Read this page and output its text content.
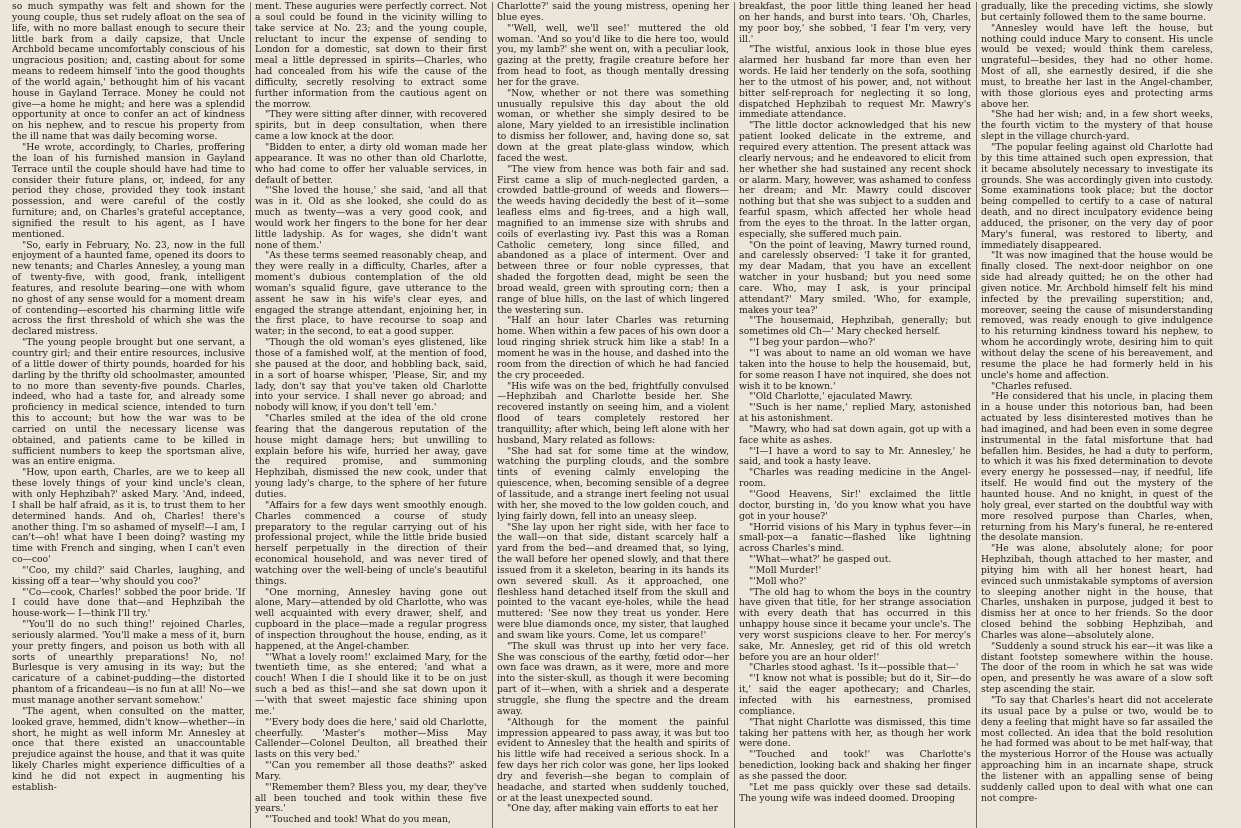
so much sympathy was felt and shown for the young couple, thus set rudely afloat on the sea of life, with no more ballast enough to secure their little bark from a daily capsize, that Uncle Archbold became uncomfortably conscious of his ungracious position; and, casting about for some means to redeem himself 'into the good thoughts of the world again,' bethought him of his vacant house in Gayland Terrace. Money he could not give—a home he might; and here was a splendid opportunity at once to confer an act of kindness on his nephew, and to rescue his property from the ill name that was daily becoming worse.

"He wrote, accordingly, to Charles, proffering the loan of his furnished mansion in Gayland Terrace until the couple should have had time to consider their future plans, or, indeed, for any period they chose, provided they took instant possession, and were careful of the costly furniture; and, on Charles's grateful acceptance, signified the result to his agent, as I have mentioned.

"So, early in February, No. 23, now in the full enjoyment of a haunted fame, opened its doors to new tenants; and Charles Annesley, a young man of twenty-five, with good, frank, intelligent features, and resolute bearing—one with whom no ghost of any sense would for a moment dream of contending—escorted his charming little wife across the first threshold of which she was the declared mistress.

"The young people brought but one servant, a country girl; and their entire resources, inclusive of a little dower of thirty pounds, hoarded for his darling by the thrifty old schoolmaster, amounted to no more than seventy-five pounds. Charles, indeed, who had a taste for, and already some proficiency in medical science, intended to turn this to account; but how the war was to be carried on until the necessary license was obtained, and patients came to be killed in sufficient numbers to keep the sportsman alive, was an entire enigma.

"How, upon earth, Charles, are we to keep all these lovely things of your kind uncle's clean, with only Hephzibah?' asked Mary. 'And, indeed, I shall be half afraid, as it is, to trust them to her determined hands. And oh, Charles! there's another thing. I'm so ashamed of myself!—I am, I can't—oh! what have I been doing? wasting my time with French and singing, when I can't even co—coo'

"'Coo, my child?' said Charles, laughing, and kissing off a tear—'why should you coo?'

"'Co—cook, Charles!' sobbed the poor bride. 'If I could have done that—and Hephzibah the house-work— I—think I'll try.'

"'You'll do no such thing!' rejoined Charles, seriously alarmed. 'You'll make a mess of it, burn your pretty fingers, and poison us both with all sorts of unearthly preparations! No, no! Burlesque is very amusing in its way; but the caricature of a cabinet-pudding—the distorted phantom of a fricandeau—is no fun at all! No—we must manage another servant somehow.'

"The agent, when consulted on the matter, looked grave, hemmed, didn't know—whether—in short, he might as well inform Mr. Annesley at once that there existed an unaccountable prejudice against the house, and that it was quite likely Charles might experience difficulties of a kind he did not expect in augmenting his establish-

ment. These auguries were perfectly correct. Not a soul could be found in the vicinity willing to take service at No. 23; and the young couple, reluctant to incur the expense of sending to London for a domestic, sat down to their first meal a little depressed in spirits—Charles, who had concealed from his wife the cause of the difficulty, secretly resolving to extract some further information from the cautious agent on the morrow.

"They were sitting after dinner, with recovered spirits, but in deep consultation, when there came a low knock at the door.

"Bidden to enter, a dirty old woman made her appearance. It was no other than old Charlotte, who had come to offer her valuable services, in default of better.

"'She loved the house,' she said, 'and all that was in it. Old as she looked, she could do as much as twenty—was a very good cook, and would work her fingers to the bone for her dear little ladyship. As for wages, she didn't want none of them.'

"As these terms seemed reasonably cheap, and they were really in a difficulty, Charles, after a moment's dubious contemplation of the old woman's squalid figure, gave utterance to the assent he saw in his wife's clear eyes, and engaged the strange attendant, enjoining her, in the first place, to have recourse to soap and water; in the second, to eat a good supper.

"Though the old woman's eyes glistened, like those of a famished wolf, at the mention of food, she paused at the door, and hobbling back, said, in a sort of hoarse whisper, 'Please, Sir, and my lady, don't say that you've taken old Charlotte into your service. I shall never go abroad; and nobody will know, if you don't tell 'em.'

"Charles smiled at the idea of the old crone fearing that the dangerous reputation of the house might damage hers; but unwilling to explain before his wife, hurried her away, gave the required promise, and summoning Hephzibah, dismissed the new cook, under that young lady's charge, to the sphere of her future duties.

"Affairs for a few days went smoothly enough. Charles commenced a course of study preparatory to the regular carrying out of his professional project, while the little bride busied herself perpetually in the direction of their economical household, and was never tired of watching over the well-being of uncle's beautiful things.

"One morning, Annesley having gone out alone, Mary—attended by old Charlotte, who was well acquainted with every drawer, shelf, and cupboard in the place—made a regular progress of inspection throughout the house, ending, as it happened, at the Angel-chamber.

"'What a lovely room!' exclaimed Mary, for the twentieth time, as she entered; 'and what a couch! When I die I should like it to be on just such a bed as this!—and she sat down upon it—'with that sweet majestic face shining upon me.'

"'Every body does die here,' said old Charlotte, cheerfully. 'Master's mother—Miss May Callender—Colonel Deulton, all breathed their lasts on this very bed.'

"'Can you remember all those deaths?' asked Mary.

"'Remember them? Bless you, my dear, they've all been touched and took within these five years.'

"'Touched and took! What do you mean,

Charlotte?' said the young mistress, opening her blue eyes.

"'Well, well, we'll see!' muttered the old woman. 'And so you'd like to die here too, would you, my lamb?' she went on, with a peculiar look, gazing at the pretty, fragile creature before her from head to foot, as though mentally dressing her for the grave.

"Now, whether or not there was something unusually repulsive this day about the old woman, or whether she simply desired to be alone, Mary yielded to an irresistible inclination to dismiss her follower, and, having done so, sat down at the great plate-glass window, which faced the west.

"The view from hence was both fair and sad. First came a slip of much-neglected garden, a crowded battle-ground of weeds and flowers—the weeds having decidedly the best of it—some leafless elms and fig-trees, and a high wall, magnified to an immense size with shrubs and coils of everlasting ivy. Past this was a Roman Catholic cemetery, long since filled, and abandoned as a place of interment. Over and between three or four noble cypresses, that shaded the forgotten dead, might be seen the broad weald, green with sprouting corn; then a range of blue hills, on the last of which lingered the westering sun.

"Half an hour later Charles was returning home. When within a few paces of his own door a loud ringing shriek struck him like a stab! In a moment he was in the house, and dashed into the room from the direction of which he had fancied the cry proceeded.

"His wife was on the bed, frightfully convulsed —Hephzibah and Charlotte beside her. She recovered instantly on seeing him, and a violent flood of tears completely restored her tranquillity; after which, being left alone with her husband, Mary related as follows:

"She had sat for some time at the window, watching the purpling clouds, and the sombre tints of evening calmly enveloping the quiescence, when, becoming sensible of a degree of lassitude, and a strange inert feeling not usual with her, she moved to the low golden couch, and lying fairly down, fell into an uneasy sleep.

"She lay upon her right side, with her face to the wall—on that side, distant scarcely half a yard from the bed—and dreamed that, so lying, the wall before her opened slowly, and that there issued from it a skeleton, bearing in its hands its own severed skull. As it approached, one fleshless hand detached itself from the skull and pointed to the vacant eye-holes, while the head muttered: 'See now they treat us yonder. Here were blue diamonds once, my sister, that laughed and swam like yours. Come, let us compare!'

"The skull was thrust up into her very face. She was conscious of the earthy, fœtid odor—her own face was drawn, as it were, more and more into the sister-skull, as though it were becoming part of it—when, with a shriek and a desperate struggle, she flung the spectre and the dream away.

"Although for the moment the painful impression appeared to pass away, it was but too evident to Annesley that the health and spirits of his little wife had received a serious shock. In a few days her rich color was gone, her lips looked dry and feverish—she began to complain of headache, and started when suddenly touched, or at the least unexpected sound.

"One day, after making vain efforts to eat her

breakfast, the poor little thing leaned her head on her hands, and burst into tears. 'Oh, Charles, my poor boy,' she sobbed, 'I fear I'm very, very ill.'

"The wistful, anxious look in those blue eyes alarmed her husband far more than even her words. He laid her tenderly on the sofa, soothing her to the utmost of his power, and, not without bitter self-reproach for neglecting it so long, dispatched Hephzibah to request Mr. Mawry's immediate attendance.

"The little doctor acknowledged that his new patient looked delicate in the extreme, and required every attention. The present attack was clearly nervous; and he endeavored to elicit from her whether she had sustained any recent shock or alarm. Mary, however, was ashamed to confess her dream; and Mr. Mawry could discover nothing but that she was subject to a sudden and fearful spasm, which affected her whole head from the eyes to the throat. In the latter organ, especially, she suffered much pain.

"On the point of leaving, Mawry turned round, and carelessly observed: 'I take it for granted, my dear Madam, that you have an excellent watcher in your husband; but you need some care. Who, may I ask, is your principal attendant?' Mary smiled. 'Who, for example, makes your tea?'

"'The housemaid, Hephzibah, generally; but sometimes old Ch—' Mary checked herself.

"'I beg your pardon—who?'

"'I was about to name an old woman we have taken into the house to help the housemaid, but, for some reason I have not inquired, she does not wish it to be known.'

"'Old Charlotte,' ejaculated Mawry.

"'Such is her name,' replied Mary, astonished at his astonishment.

"Mawry, who had sat down again, got up with a face white as ashes.

"'I—I have a word to say to Mr. Annesley,' he said, and took a hasty leave.

"Charles was reading medicine in the Angel-room.

"'Good Heavens, Sir!' exclaimed the little doctor, bursting in, 'do you know what you have got in your house?'

"Horrid visions of his Mary in typhus fever—in small-pox—a fanatic—flashed like lightning across Charles's mind.

"'What—what?' he gasped out.

"'Moll Murder!'

"'Moll who?'

"The old hag to whom the boys in the country have given that title, for her strange association with every death that has occurred in this unhappy house since it became your uncle's. The very worst suspicions cleave to her. For mercy's sake, Mr. Annesley, get rid of this old wretch before you are an hour older!'

"Charles stood aghast. 'Is it—possible that—'

"'I know not what is possible; but do it, Sir—do it,' said the eager apothecary; and Charles, infected with his earnestness, promised compliance.

"That night Charlotte was dismissed, this time taking her pattens with her, as though her work were done.

"'Touched and took!' was Charlotte's benediction, looking back and shaking her finger as she passed the door.

"Let me pass quickly over these sad details. The young wife was indeed doomed. Drooping

gradually, like the preceding victims, she slowly but certainly followed them to the same bourne.

"Annesley would have left the house, but nothing could induce Mary to consent. His uncle would be vexed; would think them careless, ungrateful—besides, they had no other home. Most of all, she earnestly desired, if die she must, to breathe her last in the Angel-chamber, with those glorious eyes and protecting arms above her.

"She had her wish; and, in a few short weeks, the fourth victim to the mystery of that house slept in the village church-yard.

"The popular feeling against old Charlotte had by this time attained such open expression, that it became absolutely necessary to investigate its grounds. She was accordingly given into custody. Some examinations took place; but the doctor being compelled to certify to a case of natural death, and no direct inculpatory evidence being adduced, the prisoner, on the very day of poor Mary's funeral, was restored to liberty, and immediately disappeared.

"It was now imagined that the house would be finally closed. The next-door neighbor on one side had already quitted; he on the other had given notice. Mr. Archbold himself felt his mind infected by the prevailing superstition; and, moreover, seeing the cause of misunderstanding removed, was ready enough to give indulgence to his returning kindness toward his nephew, to whom he accordingly wrote, desiring him to quit without delay the scene of his bereavement, and resume the place he had formerly held in his uncle's home and affection.

"Charles refused.

"He considered that his uncle, in placing them in a house under this notorious ban, had been actuated by less disinterested motives than he had imagined, and had been even in some degree instrumental in the fatal misfortune that had befallen him. Besides, he had a duty to perform, to which it was his fixed determination to devote every energy he possessed—nay, if needful, life itself. He would find out the mystery of the haunted house. And no knight, in quest of the holy greal, ever started on the doubtful way with more resolved purpose than Charles, when, returning from his Mary's funeral, he re-entered the desolate mansion.

"He was alone, absolutely alone; for poor Hephzibah, though attached to her master, and pitying him with all her honest heart, had evinced such unmistakable symptoms of aversion to sleeping another night in the house, that Charles, unshaken in purpose, judged it best to dismiss her at once to her friends. So the door closed behind the sobbing Hephzibah, and Charles was alone—absolutely alone.

"Suddenly a sound struck his ear—it was like a distant footstep somewhere within the house. The door of the room in which he sat was wide open, and presently he was aware of a slow soft step ascending the stair.

"To say that Charles's heart did not accelerate its usual pace by a pulse or two, would be to deny a feeling that might have so far assailed the most collected. An idea that the bold resolution he had formed was about to be met half-way, that the mysterious Horror of the House was actually approaching him in an incarnate shape, struck the listener with an appalling sense of being suddenly called upon to deal with what one can not compre-
